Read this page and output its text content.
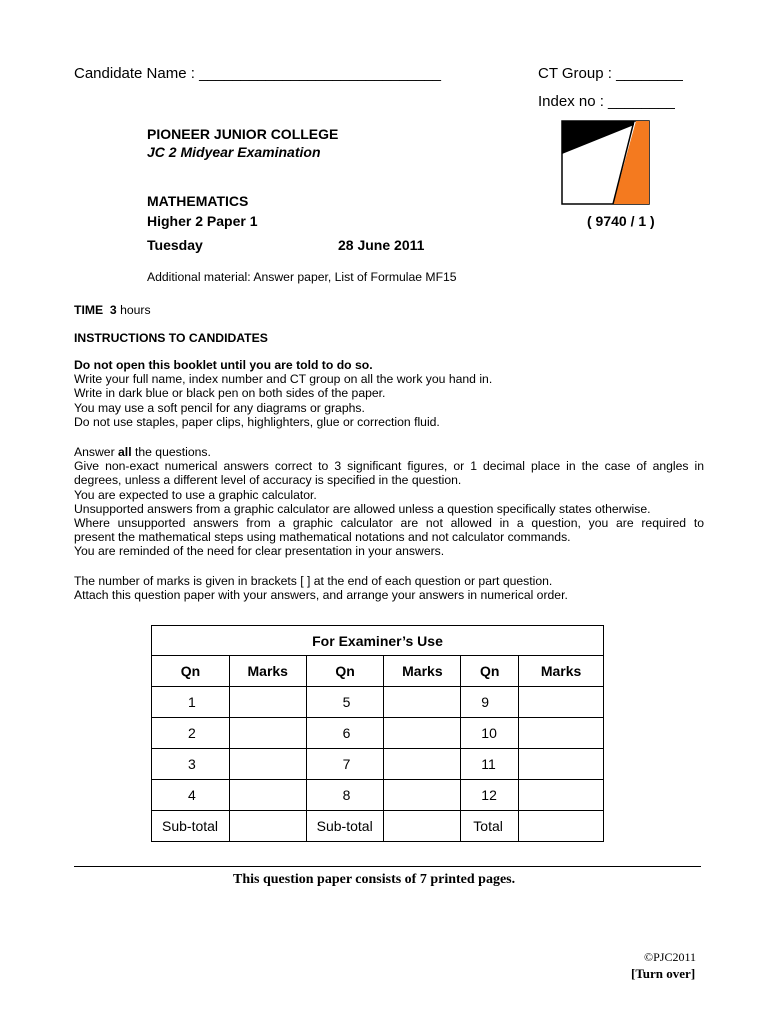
Candidate Name : _____________________________	CT Group : ________
Index no : ________
PIONEER JUNIOR COLLEGE
JC 2 Midyear Examination
MATHEMATICS
Higher 2 Paper 1	( 9740 / 1 )
Tuesday	28 June 2011
Additional material: Answer paper, List of Formulae MF15
TIME 3 hours
INSTRUCTIONS TO CANDIDATES
Do not open this booklet until you are told to do so.
Write your full name, index number and CT group on all the work you hand in.
Write in dark blue or black pen on both sides of the paper.
You may use a soft pencil for any diagrams or graphs.
Do not use staples, paper clips, highlighters, glue or correction fluid.
Answer all the questions.
Give non-exact numerical answers correct to 3 significant figures, or 1 decimal place in the case of angles in
degrees, unless a different level of accuracy is specified in the question.
You are expected to use a graphic calculator.
Unsupported answers from a graphic calculator are allowed unless a question specifically states otherwise.
Where unsupported answers from a graphic calculator are not allowed in a question, you are required to
present the mathematical steps using mathematical notations and not calculator commands.
You are reminded of the need for clear presentation in your answers.
The number of marks is given in brackets [ ] at the end of each question or part question.
Attach this question paper with your answers, and arrange your answers in numerical order.
For Examiner’s Use					
Qn	Marks	Qn	Marks	Qn	Marks
1		5		9	
2		6		10	
3		7		11	
4		8		12	
Sub-total		Sub-total		Total	
This question paper consists of 7 printed pages.
©PJC2011
[Turn over]
